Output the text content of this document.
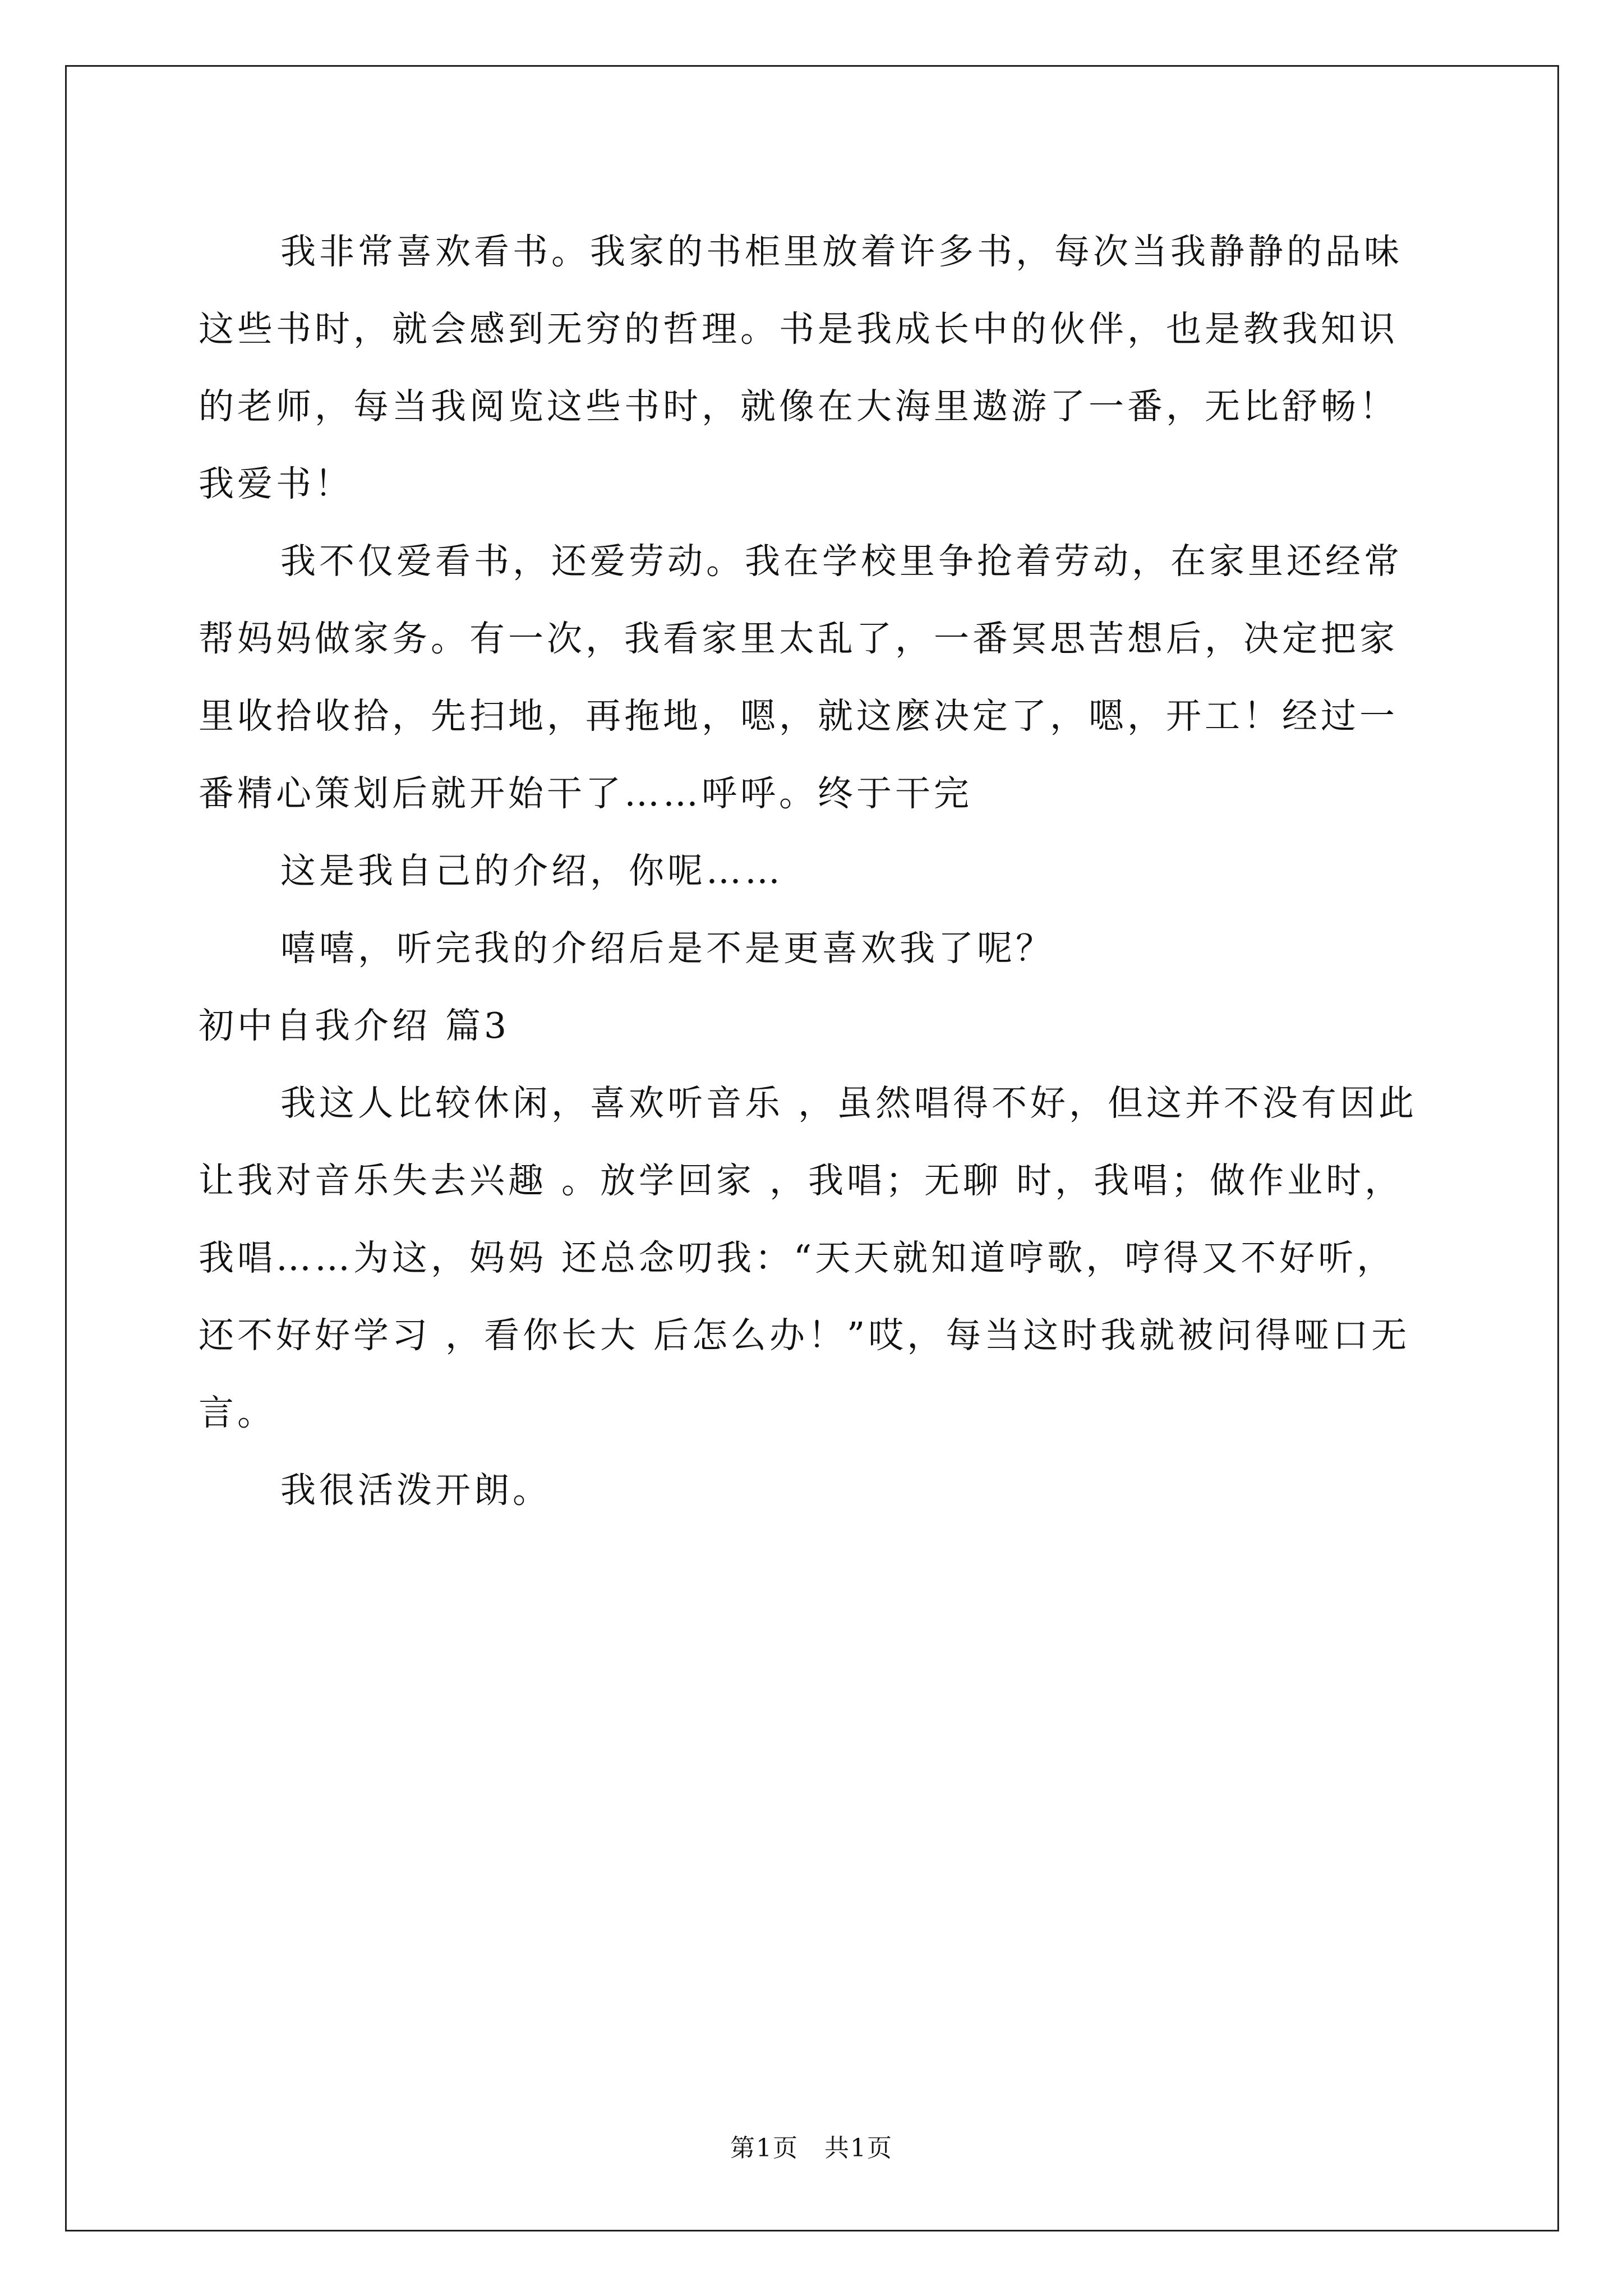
我非常喜欢看书。我家的书柜里放着许多书，每次当我静静的品味这些书时，就会感到无穷的哲理。书是我成长中的伙伴，也是教我知识的老师，每当我阅览这些书时，就像在大海里遨游了一番，无比舒畅！我爱书！

我不仅爱看书，还爱劳动。我在学校里争抢着劳动，在家里还经常帮妈妈做家务。有一次，我看家里太乱了，一番冥思苦想后，决定把家里收拾收拾，先扫地，再拖地，嗯，就这麽决定了，嗯，开工！经过一番精心策划后就开始干了……呼呼。终于干完

这是我自己的介绍，你呢……

嘻嘻，听完我的介绍后是不是更喜欢我了呢？

初中自我介绍 篇3

我这人比较休闲，喜欢听音乐 ，虽然唱得不好，但这并不没有因此让我对音乐失去兴趣 。放学回家 ，我唱；无聊 时，我唱；做作业时，我唱……为这，妈妈 还总念叨我：“天天就知道哼歌，哼得又不好听，还不好好学习 ，看你长大 后怎么办！”哎，每当这时我就被问得哑口无言。

我很活泼开朗。

第1页　共1页
